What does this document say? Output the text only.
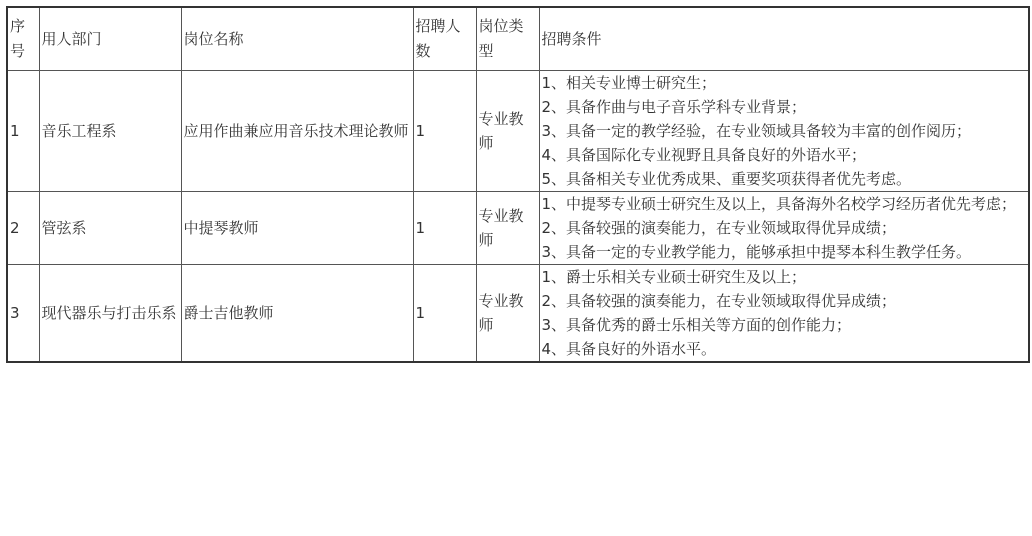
序号	用人部门	岗位名称	招聘人数	岗位类型	招聘条件
1	音乐工程系	应用作曲兼应用音乐技术理论教师	1	专业教师	1、相关专业博士研究生；
2、具备作曲与电子音乐学科专业背景；
3、具备一定的教学经验，在专业领域具备较为丰富的创作阅历；
4、具备国际化专业视野且具备良好的外语水平；
5、具备相关专业优秀成果、重要奖项获得者优先考虑。

2	管弦系	中提琴教师	1	专业教师	1、中提琴专业硕士研究生及以上，具备海外名校学习经历者优先考虑；
2、具备较强的演奏能力，在专业领域取得优异成绩；
3、具备一定的专业教学能力，能够承担中提琴本科生教学任务。

3	现代器乐与打击乐系	爵士吉他教师	1	专业教师	1、爵士乐相关专业硕士研究生及以上；
2、具备较强的演奏能力，在专业领域取得优异成绩；
3、具备优秀的爵士乐相关等方面的创作能力；
4、具备良好的外语水平。
